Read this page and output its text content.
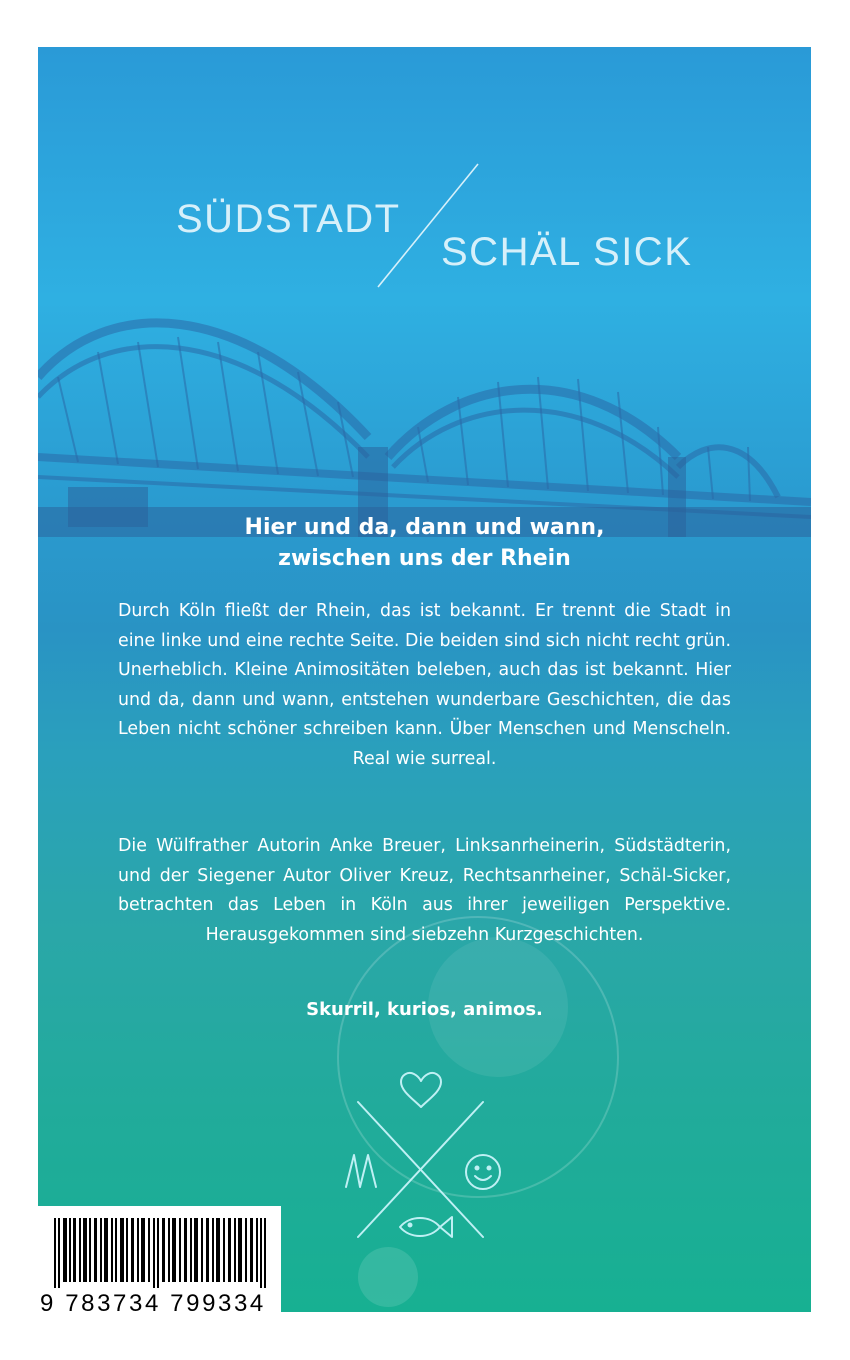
SÜDSTADT
SCHÄL SICK
Hier und da, dann und wann,
zwischen uns der Rhein
Durch Köln fließt der Rhein, das ist bekannt. Er trennt die Stadt in eine linke und eine rechte Seite. Die beiden sind sich nicht recht grün. Unerheblich. Kleine Animositäten beleben, auch das ist bekannt. Hier und da, dann und wann, entstehen wunderbare Geschichten, die das Leben nicht schöner schreiben kann. Über Menschen und Menscheln. Real wie surreal.
Die Wülfrather Autorin Anke Breuer, Linksanrheinerin, Südstädterin, und der Siegener Autor Oliver Kreuz, Rechtsanrheiner, Schäl-Sicker, betrachten das Leben in Köln aus ihrer jeweiligen Perspektive. Herausgekommen sind siebzehn Kurzgeschichten.
Skurril, kurios, animos.
9 783734 799334
